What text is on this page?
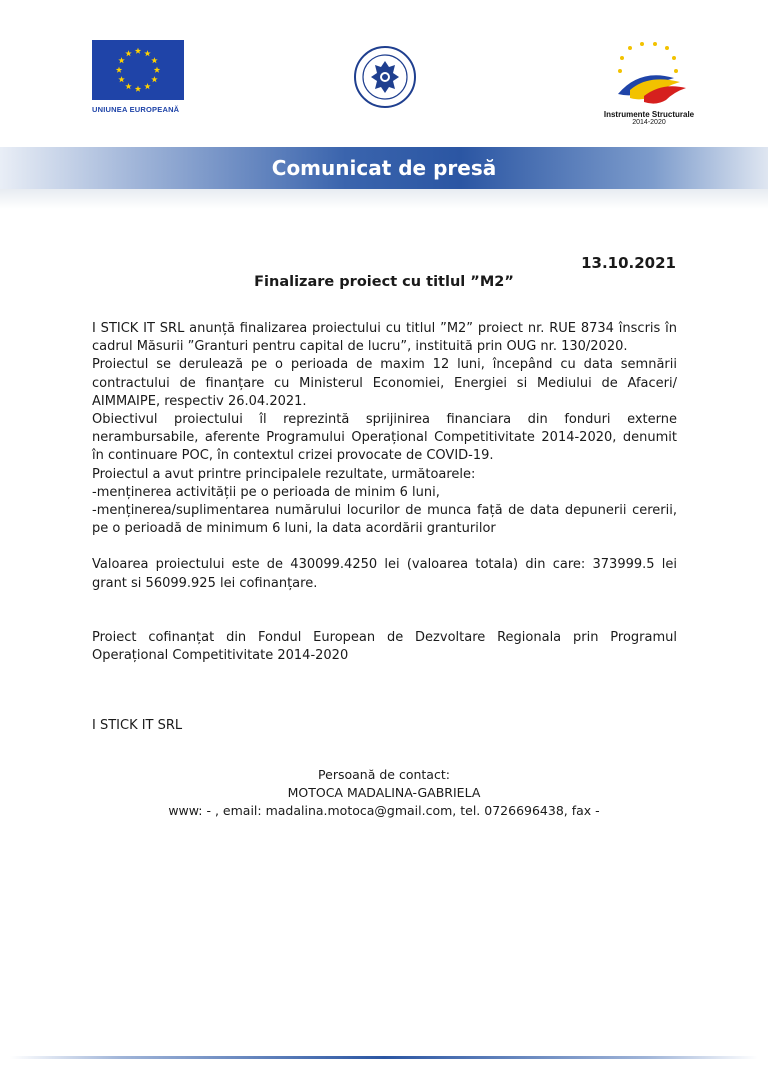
UNIUNEA EUROPEANĂ
Instrumente Structurale
2014-2020
Comunicat de presă
13.10.2021
Finalizare proiect cu titlul ”M2”

I STICK IT SRL anunță finalizarea proiectului cu titlul ”M2” proiect nr. RUE 8734 înscris în cadrul Măsurii ”Granturi pentru capital de lucru”, instituită prin OUG nr. 130/2020.

Proiectul se derulează pe o perioada de maxim 12 luni, începând cu data semnării contractului de finanțare cu Ministerul Economiei, Energiei si Mediului de Afaceri/ AIMMAIPE, respectiv 26.04.2021.

Obiectivul proiectului îl reprezintă sprijinirea financiara din fonduri externe nerambursabile, aferente Programului Operațional Competitivitate 2014-2020, denumit în continuare POC, în contextul crizei provocate de COVID-19.

Proiectul a avut printre principalele rezultate, următoarele:

-menținerea activității pe o perioada de minim 6 luni,

-menținerea/suplimentarea numărului locurilor de munca față de data depunerii cererii, pe o perioadă de minimum 6 luni, la data acordării granturilor

Valoarea proiectului este de 430099.4250 lei (valoarea totala) din care: 373999.5 lei grant si 56099.925 lei cofinanțare.

Proiect cofinanțat din Fondul European de Dezvoltare Regionala prin Programul Operațional Competitivitate 2014-2020

I STICK IT SRL

Persoană de contact:
MOTOCA MADALINA-GABRIELA
www: - , email: madalina.motoca@gmail.com, tel. 0726696438, fax -
